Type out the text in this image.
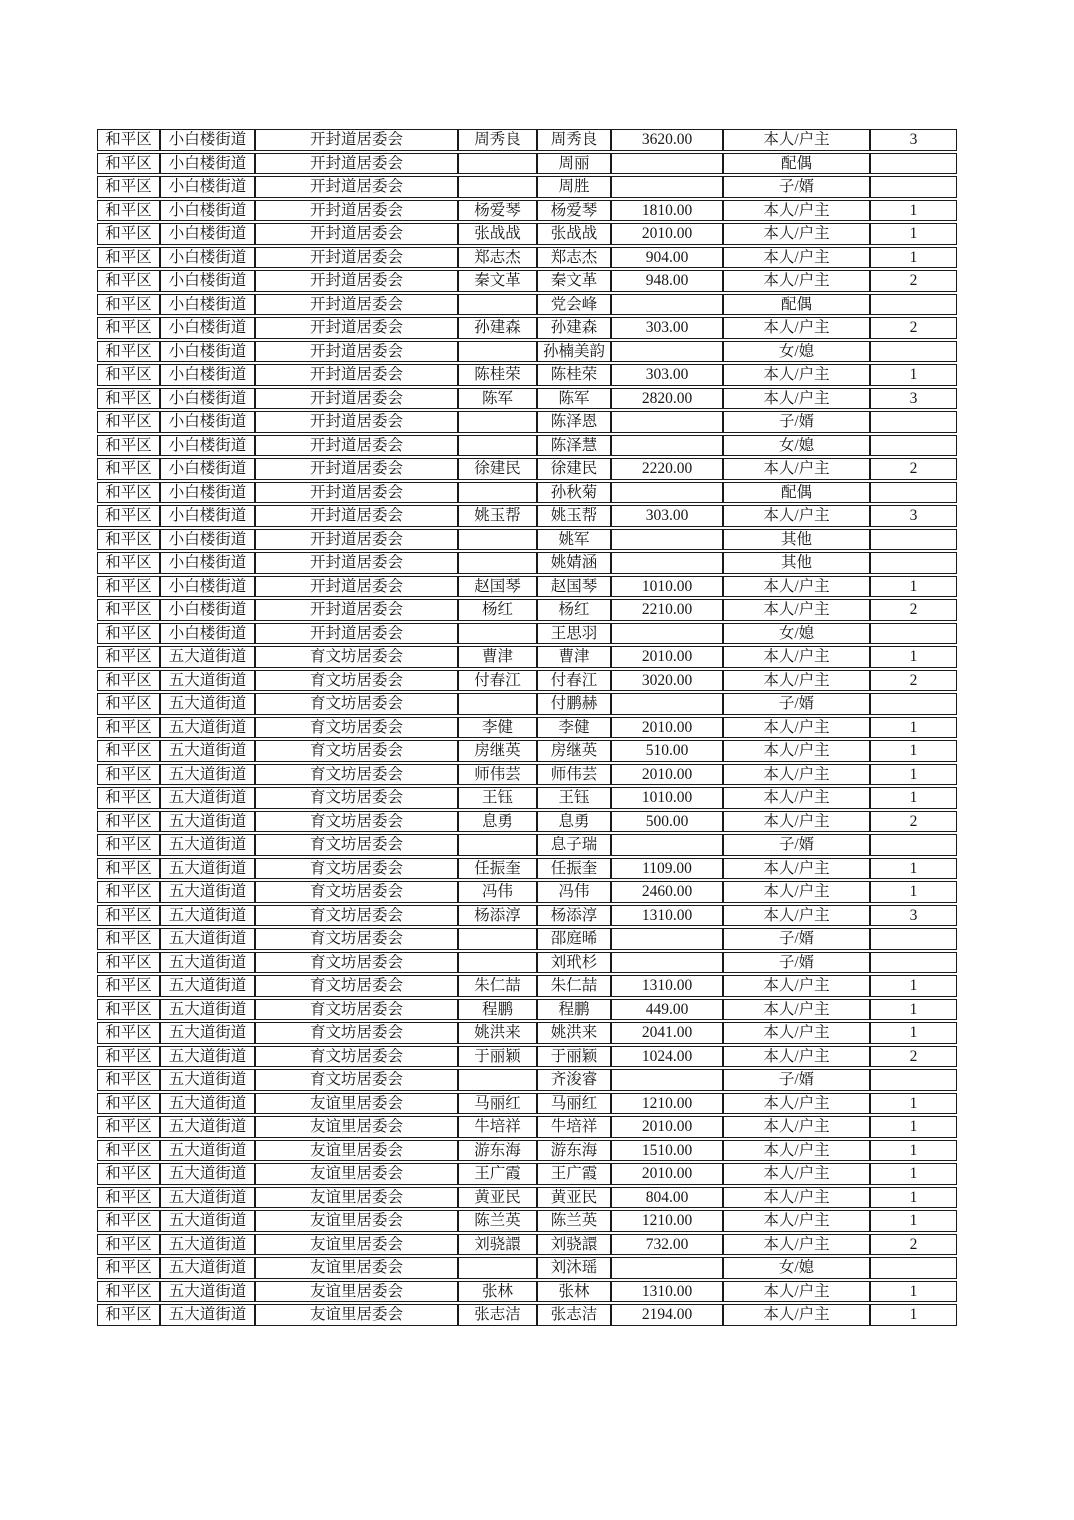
和平区	小白楼街道	开封道居委会	周秀良	周秀良	3620.00	本人/户主	3
和平区	小白楼街道	开封道居委会		周丽		配偶	
和平区	小白楼街道	开封道居委会		周胜		子/婿	
和平区	小白楼街道	开封道居委会	杨爱琴	杨爱琴	1810.00	本人/户主	1
和平区	小白楼街道	开封道居委会	张战战	张战战	2010.00	本人/户主	1
和平区	小白楼街道	开封道居委会	郑志杰	郑志杰	904.00	本人/户主	1
和平区	小白楼街道	开封道居委会	秦文革	秦文革	948.00	本人/户主	2
和平区	小白楼街道	开封道居委会		党会峰		配偶	
和平区	小白楼街道	开封道居委会	孙建森	孙建森	303.00	本人/户主	2
和平区	小白楼街道	开封道居委会		孙楠美韵		女/媳	
和平区	小白楼街道	开封道居委会	陈桂荣	陈桂荣	303.00	本人/户主	1
和平区	小白楼街道	开封道居委会	陈军	陈军	2820.00	本人/户主	3
和平区	小白楼街道	开封道居委会		陈泽恩		子/婿	
和平区	小白楼街道	开封道居委会		陈泽慧		女/媳	
和平区	小白楼街道	开封道居委会	徐建民	徐建民	2220.00	本人/户主	2
和平区	小白楼街道	开封道居委会		孙秋菊		配偶	
和平区	小白楼街道	开封道居委会	姚玉帮	姚玉帮	303.00	本人/户主	3
和平区	小白楼街道	开封道居委会		姚军		其他	
和平区	小白楼街道	开封道居委会		姚婧涵		其他	
和平区	小白楼街道	开封道居委会	赵国琴	赵国琴	1010.00	本人/户主	1
和平区	小白楼街道	开封道居委会	杨红	杨红	2210.00	本人/户主	2
和平区	小白楼街道	开封道居委会		王思羽		女/媳	
和平区	五大道街道	育文坊居委会	曹津	曹津	2010.00	本人/户主	1
和平区	五大道街道	育文坊居委会	付春江	付春江	3020.00	本人/户主	2
和平区	五大道街道	育文坊居委会		付鹏赫		子/婿	
和平区	五大道街道	育文坊居委会	李健	李健	2010.00	本人/户主	1
和平区	五大道街道	育文坊居委会	房继英	房继英	510.00	本人/户主	1
和平区	五大道街道	育文坊居委会	师伟芸	师伟芸	2010.00	本人/户主	1
和平区	五大道街道	育文坊居委会	王钰	王钰	1010.00	本人/户主	1
和平区	五大道街道	育文坊居委会	息勇	息勇	500.00	本人/户主	2
和平区	五大道街道	育文坊居委会		息子瑞		子/婿	
和平区	五大道街道	育文坊居委会	任振奎	任振奎	1109.00	本人/户主	1
和平区	五大道街道	育文坊居委会	冯伟	冯伟	2460.00	本人/户主	1
和平区	五大道街道	育文坊居委会	杨添淳	杨添淳	1310.00	本人/户主	3
和平区	五大道街道	育文坊居委会		邵庭晞		子/婿	
和平区	五大道街道	育文坊居委会		刘玳杉		子/婿	
和平区	五大道街道	育文坊居委会	朱仁喆	朱仁喆	1310.00	本人/户主	1
和平区	五大道街道	育文坊居委会	程鹏	程鹏	449.00	本人/户主	1
和平区	五大道街道	育文坊居委会	姚洪来	姚洪来	2041.00	本人/户主	1
和平区	五大道街道	育文坊居委会	于丽颖	于丽颖	1024.00	本人/户主	2
和平区	五大道街道	育文坊居委会		齐浚睿		子/婿	
和平区	五大道街道	友谊里居委会	马丽红	马丽红	1210.00	本人/户主	1
和平区	五大道街道	友谊里居委会	牛培祥	牛培祥	2010.00	本人/户主	1
和平区	五大道街道	友谊里居委会	游东海	游东海	1510.00	本人/户主	1
和平区	五大道街道	友谊里居委会	王广霞	王广霞	2010.00	本人/户主	1
和平区	五大道街道	友谊里居委会	黄亚民	黄亚民	804.00	本人/户主	1
和平区	五大道街道	友谊里居委会	陈兰英	陈兰英	1210.00	本人/户主	1
和平区	五大道街道	友谊里居委会	刘骁譞	刘骁譞	732.00	本人/户主	2
和平区	五大道街道	友谊里居委会		刘沐瑶		女/媳	
和平区	五大道街道	友谊里居委会	张林	张林	1310.00	本人/户主	1
和平区	五大道街道	友谊里居委会	张志洁	张志洁	2194.00	本人/户主	1
